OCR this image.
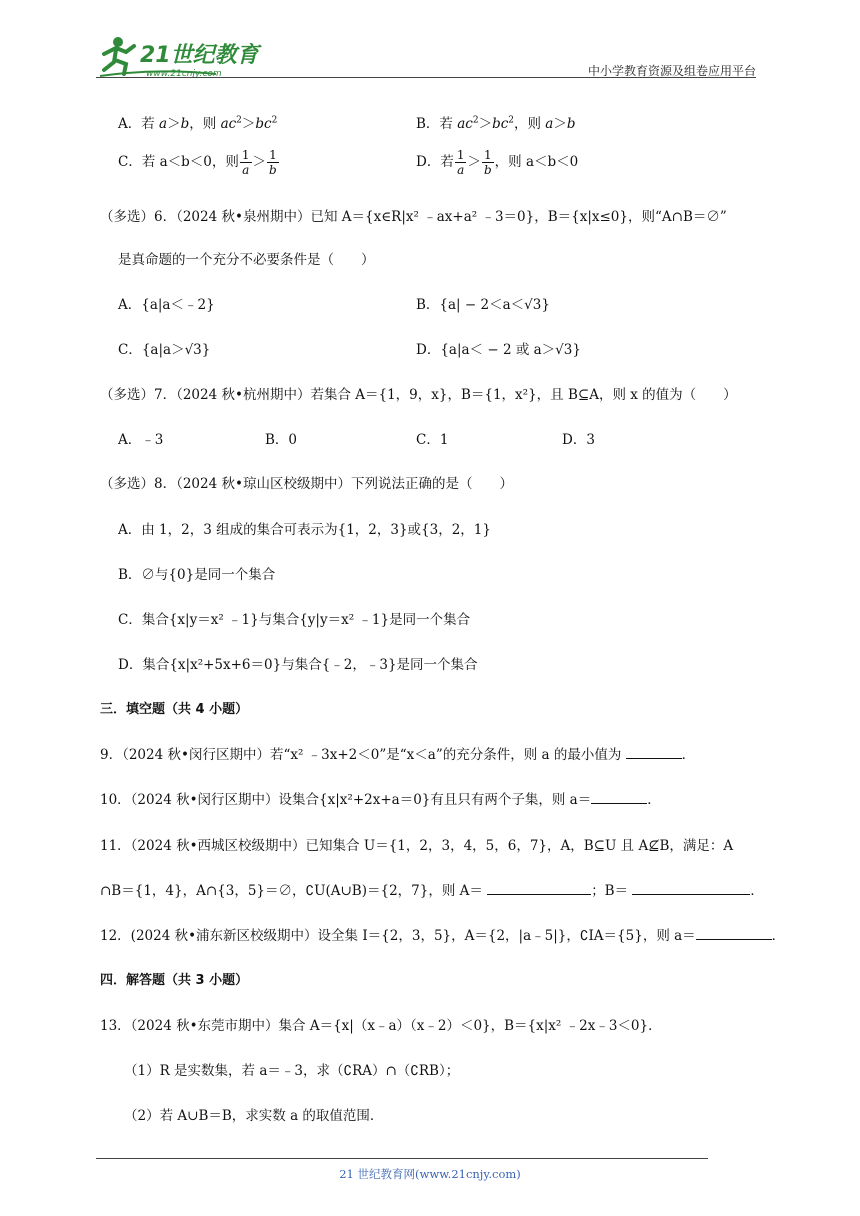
21世纪教育
www.21cnjy.com	中小学教育资源及组卷应用平台
A．若 a＞b，则 $ac^2>bc^2$	B．若 $ac^2>bc^2$，则 a＞b
C．若 a＜b＜0，则 $\frac{1}{a} > \frac{1}{b}$	D．若 $\frac{1}{a} > \frac{1}{b}$ ，则 a＜b＜0
（多选）6．（2024 秋•泉州期中）已知 A＝{x∈R|x² ﹣ax+a² ﹣3＝0}，B＝{x|x≤0}，则“A∩B＝∅”
是真命题的一个充分不必要条件是（　　）
A．{a|a＜﹣2}	B．{a| − 2＜a＜√3}
C．{a|a＞√3}	D．{a|a＜ − 2 或 a＞√3}
（多选）7．（2024 秋•杭州期中）若集合 A＝{1，9，x}，B＝{1，x²}，且 B⊆A，则 x 的值为（　　）
A．﹣3	B．0	C．1	D．3
（多选）8．（2024 秋•琼山区校级期中）下列说法正确的是（　　）
A．由 1，2，3 组成的集合可表示为{1，2，3}或{3，2，1}
B．∅与{0}是同一个集合
C．集合{x|y＝x² ﹣1}与集合{y|y＝x² ﹣1}是同一个集合
D．集合{x|x²+5x+6＝0}与集合{﹣2，﹣3}是同一个集合
三．填空题（共 4 小题）
9．（2024 秋•闵行区期中）若“x² ﹣3x+2＜0”是“x＜a”的充分条件，则 a 的最小值为	．
10．（2024 秋•闵行区期中）设集合{x|x²+2x+a＝0}有且只有两个子集，则 a＝	．
11．（2024 秋•西城区校级期中）已知集合 U＝{1，2，3，4，5，6，7}，A，B⊆U 且 A⊈B，满足：A
∩B＝{1，4}，A∩{3，5}＝∅，∁U(A∪B)＝{2，7}，则 A＝	；B＝	．
12．(2024 秋•浦东新区校级期中）设全集 I＝{2，3，5}，A＝{2，|a﹣5|}，∁IA＝{5}，则 a＝	．
四．解答题（共 3 小题）
13．（2024 秋•东莞市期中）集合 A＝{x|（x﹣a）（x﹣2）＜0}，B＝{x|x² ﹣2x﹣3＜0}．
（1）R 是实数集，若 a＝﹣3，求（∁RA）∩（∁RB）；
（2）若 A∪B＝B，求实数 a 的取值范围．
21 世纪教育网(www.21cnjy.com)
